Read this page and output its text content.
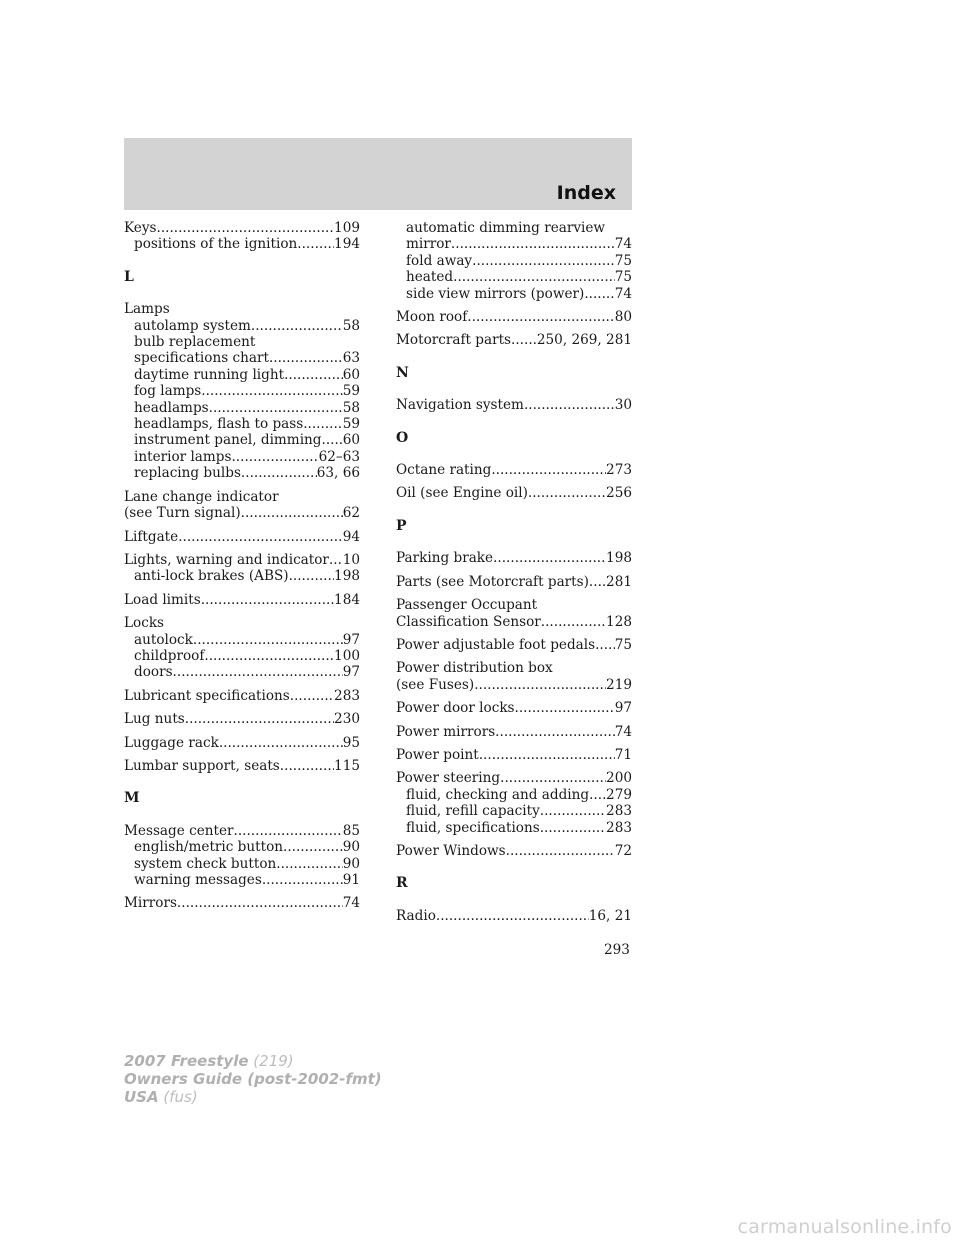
Index
Keys .....	109
positions of the ignition .....	194
L
Lamps
autolamp system .....	58
bulb replacement
specifications chart .....	63
daytime running light .....	60
fog lamps .....	59
headlamps .....	58
headlamps, flash to pass .....	59
instrument panel, dimming ..... 60
interior lamps .....	62–63
replacing bulbs .....	63, 66
Lane change indicator
(see Turn signal) .....	62
Liftgate .....	94
Lights, warning and indicator ..... 10
anti-lock brakes (ABS) .....	198
Load limits .....	184
Locks
autolock .....	97
childproof .....	100
doors .....	97
Lubricant specifications .....	283
Lug nuts .....	230
Luggage rack .....	95
Lumbar support, seats .....	115
M
Message center .....	85
english/metric button .....	90
system check button .....	90
warning messages .....	91
Mirrors .....	74
automatic dimming rearview
mirror .....	74
fold away .....	75
heated .....	75
side view mirrors (power) ..... 74
Moon roof .....	80
Motorcraft parts ..... 250, 269, 281
N
Navigation system .....	30
O
Octane rating .....	273
Oil (see Engine oil) .....	256
P
Parking brake .....	198
Parts (see Motorcraft parts) ..... 281
Passenger Occupant
Classification Sensor .....	128
Power adjustable foot pedals ..... 75
Power distribution box
(see Fuses) .....	219
Power door locks .....	97
Power mirrors .....	74
Power point .....	71
Power steering .....	200
fluid, checking and adding ..... 279
fluid, refill capacity .....	283
fluid, specifications .....	283
Power Windows .....	72
R
Radio .....	16, 21
293
2007 Freestyle (219)
Owners Guide (post-2002-fmt)
USA (fus)
carmanualsonline.info
